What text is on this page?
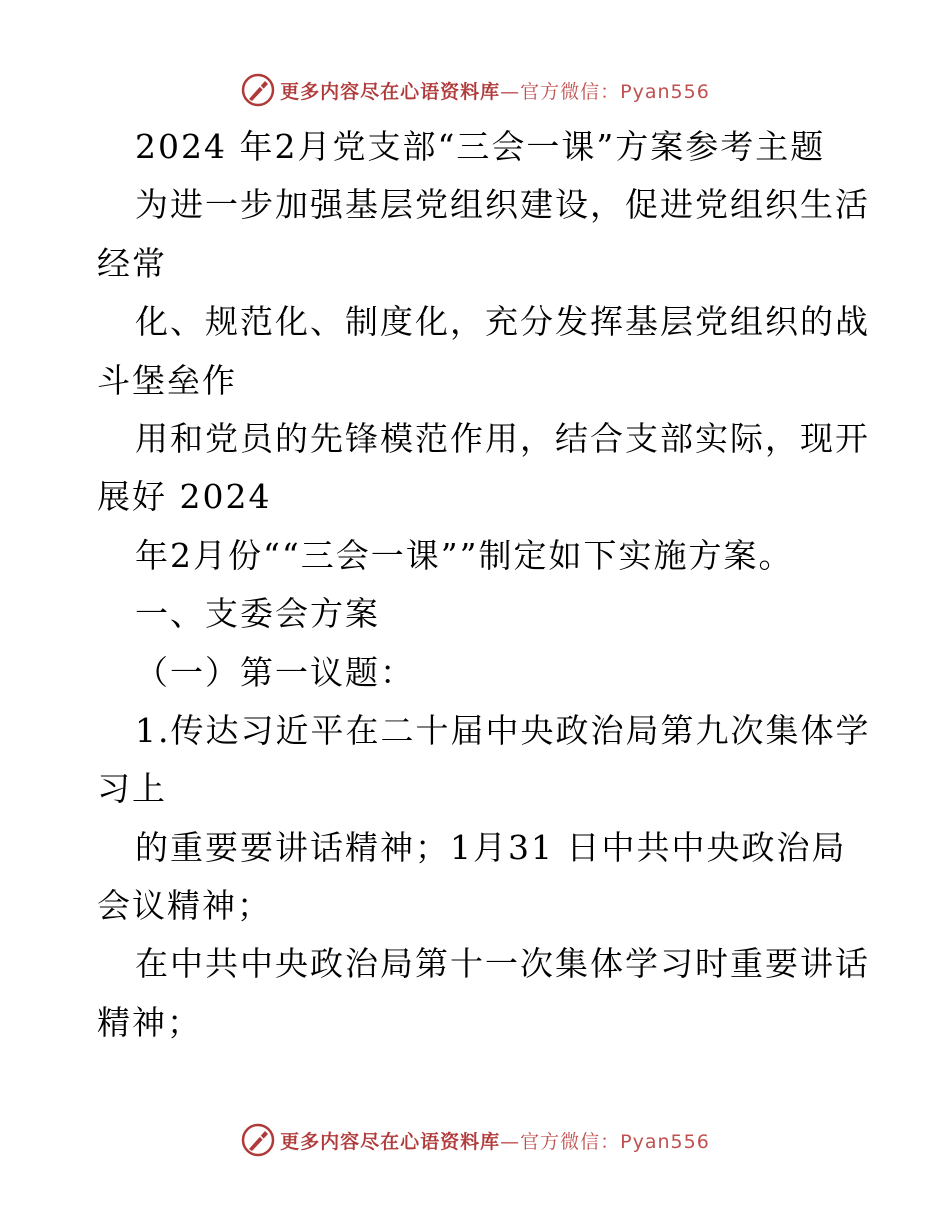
更多内容尽在心语资料库—官方微信：Pyan556
2024 年2月党支部“三会一课”方案参考主题
为进一步加强基层党组织建设，促进党组织生活
经常
化、规范化、制度化，充分发挥基层党组织的战
斗堡垒作
用和党员的先锋模范作用，结合支部实际，现开
展好 2024
年2月份““三会一课””制定如下实施方案。
一、支委会方案
（一）第一议题：
1.传达习近平在二十届中央政治局第九次集体学
习上
的重要要讲话精神；1月31 日中共中央政治局
会议精神；
在中共中央政治局第十一次集体学习时重要讲话
精神；
更多内容尽在心语资料库—官方微信：Pyan556
